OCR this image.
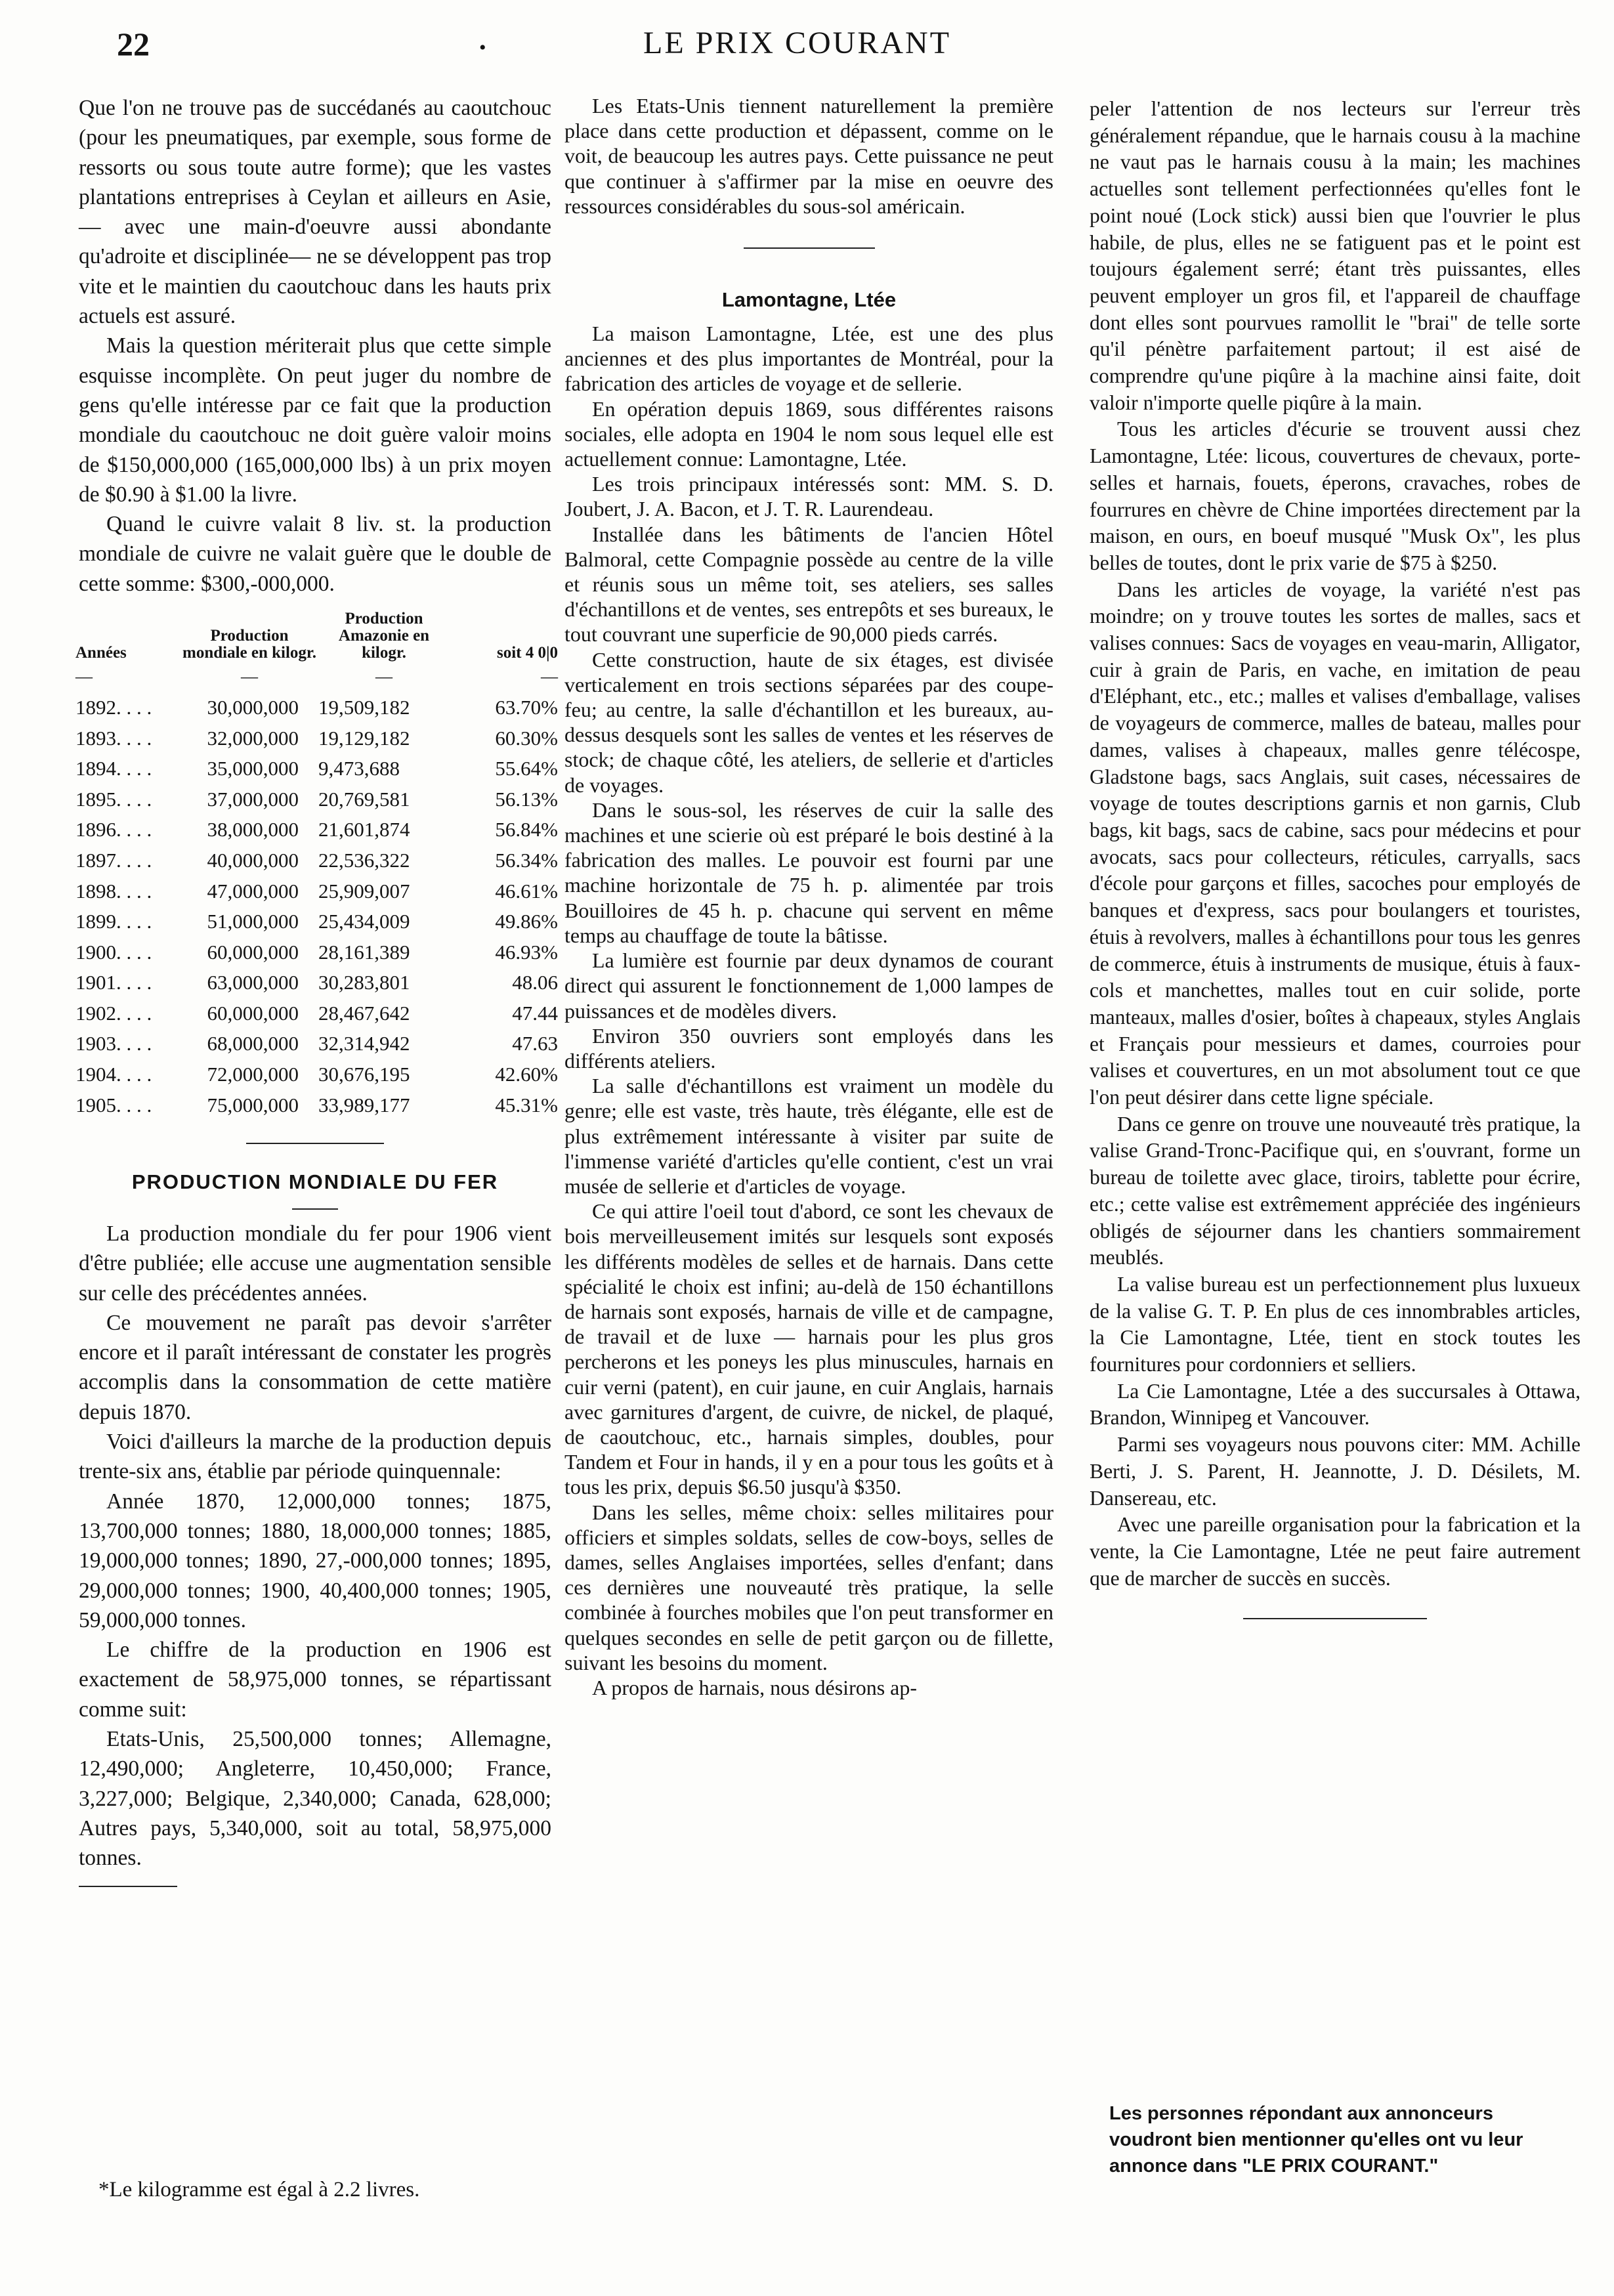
22	•	LE PRIX COURANT

Que l'on ne trouve pas de succédanés au caoutchouc (pour les pneumatiques, par exemple, sous forme de ressorts ou sous toute autre forme); que les vastes plantations entreprises à Ceylan et ailleurs en Asie, — avec une main-d'oeuvre aussi abondante qu'adroite et disciplinée— ne se développent pas trop vite et le maintien du caoutchouc dans les hauts prix actuels est assuré.

Mais la question mériterait plus que cette simple esquisse incomplète. On peut juger du nombre de gens qu'elle intéresse par ce fait que la production mondiale du caoutchouc ne doit guère valoir moins de $150,000,000 (165,000,000 lbs) à un prix moyen de $0.90 à $1.00 la livre.

Quand le cuivre valait 8 liv. st. la production mondiale de cuivre ne valait guère que le double de cette somme: $300,-000,000.

Années	Production mondiale en kilogr.	Production Amazonie en kilogr.	soit 4 0|0
—	—	—	—
1892. . . .	30,000,000	19,509,182	63.70%
1893. . . .	32,000,000	19,129,182	60.30%
1894. . . .	35,000,000	9,473,688	55.64%
1895. . . .	37,000,000	20,769,581	56.13%
1896. . . .	38,000,000	21,601,874	56.84%
1897. . . .	40,000,000	22,536,322	56.34%
1898. . . .	47,000,000	25,909,007	46.61%
1899. . . .	51,000,000	25,434,009	49.86%
1900. . . .	60,000,000	28,161,389	46.93%
1901. . . .	63,000,000	30,283,801	48.06
1902. . . .	60,000,000	28,467,642	47.44
1903. . . .	68,000,000	32,314,942	47.63
1904. . . .	72,000,000	30,676,195	42.60%
1905. . . .	75,000,000	33,989,177	45.31%
PRODUCTION MONDIALE DU FER

La production mondiale du fer pour 1906 vient d'être publiée; elle accuse une augmentation sensible sur celle des précédentes années.

Ce mouvement ne paraît pas devoir s'arrêter encore et il paraît intéressant de constater les progrès accomplis dans la consommation de cette matière depuis 1870.

Voici d'ailleurs la marche de la production depuis trente-six ans, établie par période quinquennale:

Année 1870, 12,000,000 tonnes; 1875, 13,700,000 tonnes; 1880, 18,000,000 tonnes; 1885, 19,000,000 tonnes; 1890, 27,-000,000 tonnes; 1895, 29,000,000 tonnes; 1900, 40,400,000 tonnes; 1905, 59,000,000 tonnes.

Le chiffre de la production en 1906 est exactement de 58,975,000 tonnes, se répartissant comme suit:

Etats-Unis, 25,500,000 tonnes; Allemagne, 12,490,000; Angleterre, 10,450,000; France, 3,227,000; Belgique, 2,340,000; Canada, 628,000; Autres pays, 5,340,000, soit au total, 58,975,000 tonnes.

*Le kilogramme est égal à 2.2 livres.

Les Etats-Unis tiennent naturellement la première place dans cette production et dépassent, comme on le voit, de beaucoup les autres pays. Cette puissance ne peut que continuer à s'affirmer par la mise en oeuvre des ressources considérables du sous-sol américain.

Lamontagne, Ltée

La maison Lamontagne, Ltée, est une des plus anciennes et des plus importantes de Montréal, pour la fabrication des articles de voyage et de sellerie.

En opération depuis 1869, sous différentes raisons sociales, elle adopta en 1904 le nom sous lequel elle est actuellement connue: Lamontagne, Ltée.

Les trois principaux intéressés sont: MM. S. D. Joubert, J. A. Bacon, et J. T. R. Laurendeau.

Installée dans les bâtiments de l'ancien Hôtel Balmoral, cette Compagnie possède au centre de la ville et réunis sous un même toit, ses ateliers, ses salles d'échantillons et de ventes, ses entrepôts et ses bureaux, le tout couvrant une superficie de 90,000 pieds carrés.

Cette construction, haute de six étages, est divisée verticalement en trois sections séparées par des coupe-feu; au centre, la salle d'échantillon et les bureaux, au-dessus desquels sont les salles de ventes et les réserves de stock; de chaque côté, les ateliers, de sellerie et d'articles de voyages.

Dans le sous-sol, les réserves de cuir la salle des machines et une scierie où est préparé le bois destiné à la fabrication des malles. Le pouvoir est fourni par une machine horizontale de 75 h. p. alimentée par trois Bouilloires de 45 h. p. chacune qui servent en même temps au chauffage de toute la bâtisse.

La lumière est fournie par deux dynamos de courant direct qui assurent le fonctionnement de 1,000 lampes de puissances et de modèles divers.

Environ 350 ouvriers sont employés dans les différents ateliers.

La salle d'échantillons est vraiment un modèle du genre; elle est vaste, très haute, très élégante, elle est de plus extrêmement intéressante à visiter par suite de l'immense variété d'articles qu'elle contient, c'est un vrai musée de sellerie et d'articles de voyage.

Ce qui attire l'oeil tout d'abord, ce sont les chevaux de bois merveilleusement imités sur lesquels sont exposés les différents modèles de selles et de harnais. Dans cette spécialité le choix est infini; au-delà de 150 échantillons de harnais sont exposés, harnais de ville et de campagne, de travail et de luxe — harnais pour les plus gros percherons et les poneys les plus minuscules, harnais en cuir verni (patent), en cuir jaune, en cuir Anglais, harnais avec garnitures d'argent, de cuivre, de nickel, de plaqué, de caoutchouc, etc., harnais simples, doubles, pour Tandem et Four in hands, il y en a pour tous les goûts et à tous les prix, depuis $6.50 jusqu'à $350.

Dans les selles, même choix: selles militaires pour officiers et simples soldats, selles de cow-boys, selles de dames, selles Anglaises importées, selles d'enfant; dans ces dernières une nouveauté très pratique, la selle combinée à fourches mobiles que l'on peut transformer en quelques secondes en selle de petit garçon ou de fillette, suivant les besoins du moment.

A propos de harnais, nous désirons ap-

peler l'attention de nos lecteurs sur l'erreur très généralement répandue, que le harnais cousu à la machine ne vaut pas le harnais cousu à la main; les machines actuelles sont tellement perfectionnées qu'elles font le point noué (Lock stick) aussi bien que l'ouvrier le plus habile, de plus, elles ne se fatiguent pas et le point est toujours également serré; étant très puissantes, elles peuvent employer un gros fil, et l'appareil de chauffage dont elles sont pourvues ramollit le "brai" de telle sorte qu'il pénètre parfaitement partout; il est aisé de comprendre qu'une piqûre à la machine ainsi faite, doit valoir n'importe quelle piqûre à la main.

Tous les articles d'écurie se trouvent aussi chez Lamontagne, Ltée: licous, couvertures de chevaux, porte-selles et harnais, fouets, éperons, cravaches, robes de fourrures en chèvre de Chine importées directement par la maison, en ours, en boeuf musqué "Musk Ox", les plus belles de toutes, dont le prix varie de $75 à $250.

Dans les articles de voyage, la variété n'est pas moindre; on y trouve toutes les sortes de malles, sacs et valises connues: Sacs de voyages en veau-marin, Alligator, cuir à grain de Paris, en vache, en imitation de peau d'Eléphant, etc., etc.; malles et valises d'emballage, valises de voyageurs de commerce, malles de bateau, malles pour dames, valises à chapeaux, malles genre télécospe, Gladstone bags, sacs Anglais, suit cases, nécessaires de voyage de toutes descriptions garnis et non garnis, Club bags, kit bags, sacs de cabine, sacs pour médecins et pour avocats, sacs pour collecteurs, réticules, carryalls, sacs d'école pour garçons et filles, sacoches pour employés de banques et d'express, sacs pour boulangers et touristes, étuis à revolvers, malles à échantillons pour tous les genres de commerce, étuis à instruments de musique, étuis à faux-cols et manchettes, malles tout en cuir solide, porte manteaux, malles d'osier, boîtes à chapeaux, styles Anglais et Français pour messieurs et dames, courroies pour valises et couvertures, en un mot absolument tout ce que l'on peut désirer dans cette ligne spéciale.

Dans ce genre on trouve une nouveauté très pratique, la valise Grand-Tronc-Pacifique qui, en s'ouvrant, forme un bureau de toilette avec glace, tiroirs, tablette pour écrire, etc.; cette valise est extrêmement appréciée des ingénieurs obligés de séjourner dans les chantiers sommairement meublés.

La valise bureau est un perfectionnement plus luxueux de la valise G. T. P. En plus de ces innombrables articles, la Cie Lamontagne, Ltée, tient en stock toutes les fournitures pour cordonniers et selliers.

La Cie Lamontagne, Ltée a des succursales à Ottawa, Brandon, Winnipeg et Vancouver.

Parmi ses voyageurs nous pouvons citer: MM. Achille Berti, J. S. Parent, H. Jeannotte, J. D. Désilets, M. Dansereau, etc.

Avec une pareille organisation pour la fabrication et la vente, la Cie Lamontagne, Ltée ne peut faire autrement que de marcher de succès en succès.

Les personnes répondant aux annonceurs voudront bien mentionner qu'elles ont vu leur annonce dans "LE PRIX COURANT."
